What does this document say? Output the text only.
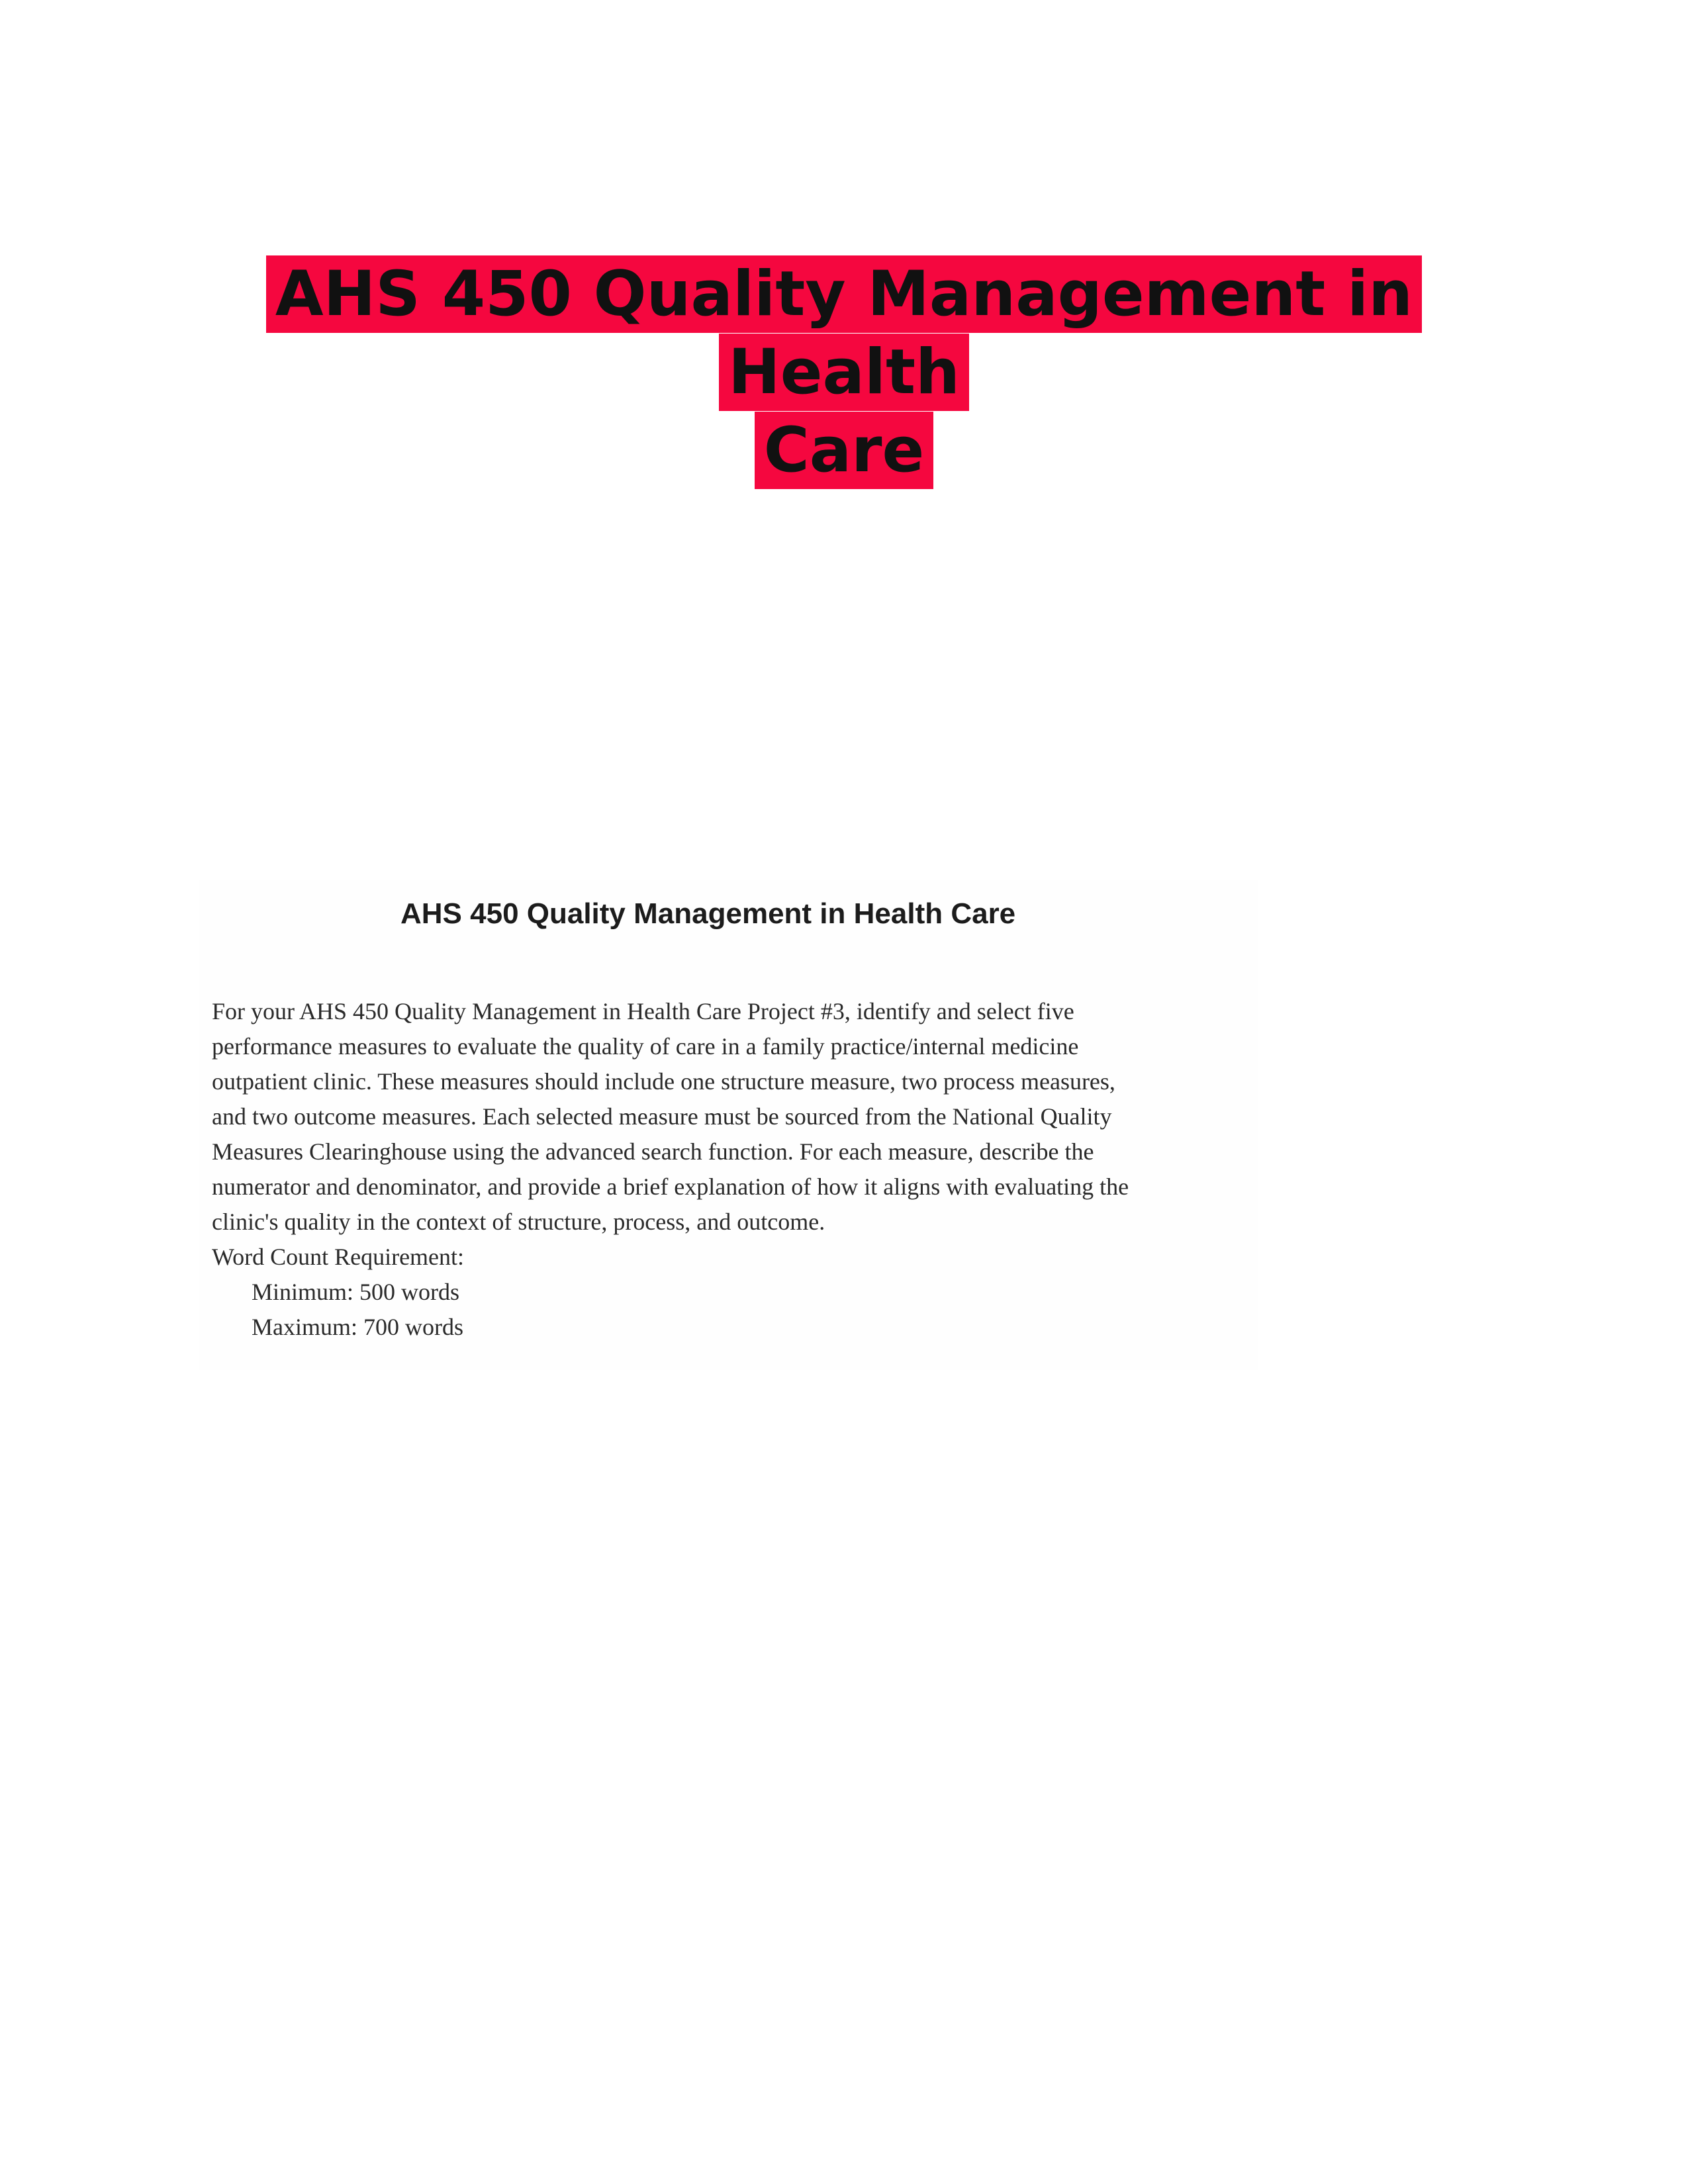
AHS 450 Quality Management in Health
Care
AHS 450 Quality Management in Health Care
For your AHS 450 Quality Management in Health Care Project #3, identify and select five
performance measures to evaluate the quality of care in a family practice/internal medicine
outpatient clinic. These measures should include one structure measure, two process measures,
and two outcome measures. Each selected measure must be sourced from the National Quality
Measures Clearinghouse using the advanced search function. For each measure, describe the
numerator and denominator, and provide a brief explanation of how it aligns with evaluating the
clinic's quality in the context of structure, process, and outcome.
Word Count Requirement:
Minimum: 500 words
Maximum: 700 words
